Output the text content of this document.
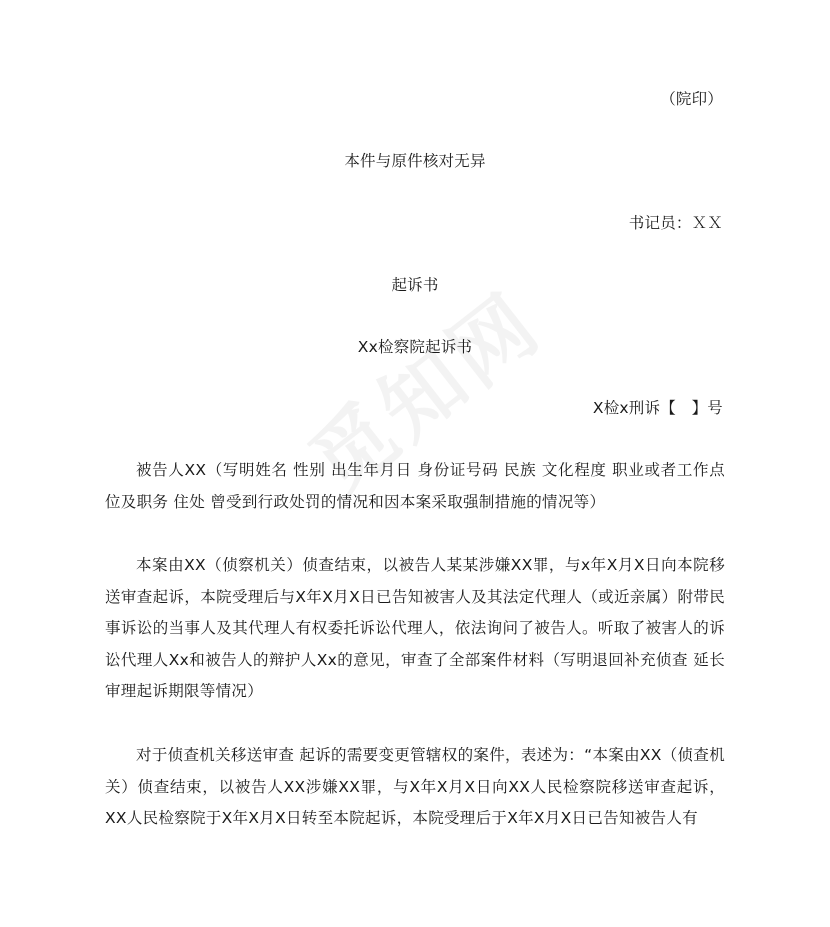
（院印）
本件与原件核对无异
书记员：ＸＸ
起诉书
Xx检察院起诉书
X检x刑诉【　】号
被告人XX（写明姓名 性别 出生年月日 身份证号码 民族 文化程度 职业或者工作点位及职务 住处 曾受到行政处罚的情况和因本案采取强制措施的情况等）
本案由XX（侦察机关）侦查结束，以被告人某某涉嫌XX罪，与x年X月X日向本院移送审查起诉，本院受理后与X年X月X日已告知被害人及其法定代理人（或近亲属）附带民事诉讼的当事人及其代理人有权委托诉讼代理人，依法询问了被告人。听取了被害人的诉讼代理人Xx和被告人的辩护人Xx的意见，审查了全部案件材料（写明退回补充侦查 延长审理起诉期限等情况）
对于侦查机关移送审查 起诉的需要变更管辖权的案件，表述为：“本案由XX（侦查机关）侦查结束，以被告人XX涉嫌XX罪，与X年X月X日向XX人民检察院移送审查起诉，XX人民检察院于X年X月X日转至本院起诉，本院受理后于X年X月X日已告知被告人有
